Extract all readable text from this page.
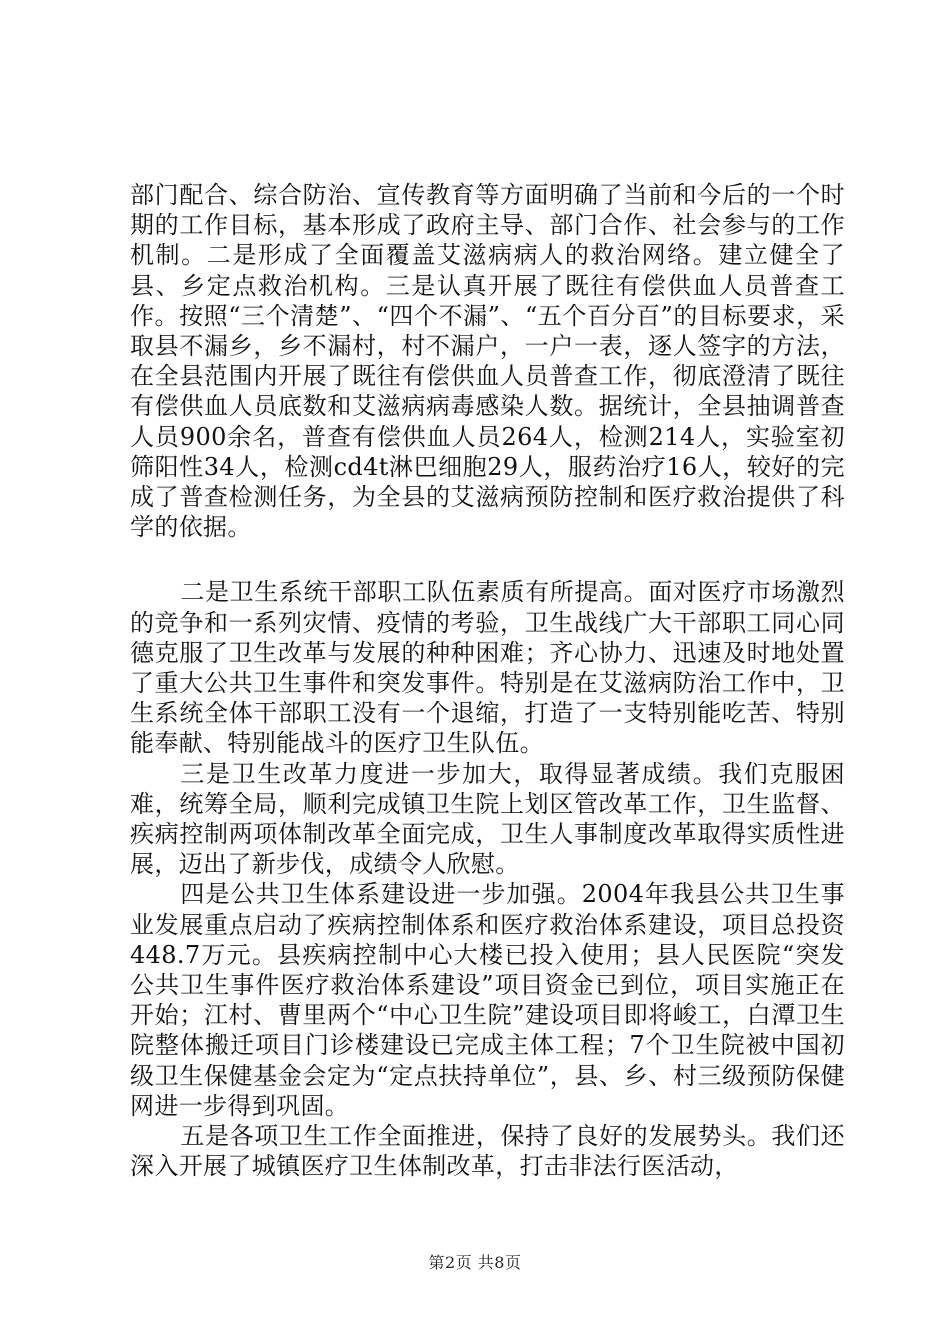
部门配合、综合防治、宣传教育等方面明确了当前和今后的一个时期的工作目标，基本形成了政府主导、部门合作、社会参与的工作机制。二是形成了全面覆盖艾滋病病人的救治网络。建立健全了县、乡定点救治机构。三是认真开展了既往有偿供血人员普查工作。按照“三个清楚”、“四个不漏”、“五个百分百”的目标要求，采取县不漏乡，乡不漏村，村不漏户，一户一表，逐人签字的方法，在全县范围内开展了既往有偿供血人员普查工作，彻底澄清了既往有偿供血人员底数和艾滋病病毒感染人数。据统计，全县抽调普查人员900余名，普查有偿供血人员264人，检测214人，实验室初筛阳性34人，检测cd4t淋巴细胞29人，服药治疗16人，较好的完成了普查检测任务，为全县的艾滋病预防控制和医疗救治提供了科学的依据。

二是卫生系统干部职工队伍素质有所提高。面对医疗市场激烈的竞争和一系列灾情、疫情的考验，卫生战线广大干部职工同心同德克服了卫生改革与发展的种种困难；齐心协力、迅速及时地处置了重大公共卫生事件和突发事件。特别是在艾滋病防治工作中，卫生系统全体干部职工没有一个退缩，打造了一支特别能吃苦、特别能奉献、特别能战斗的医疗卫生队伍。

三是卫生改革力度进一步加大，取得显著成绩。我们克服困难，统筹全局，顺利完成镇卫生院上划区管改革工作，卫生监督、疾病控制两项体制改革全面完成，卫生人事制度改革取得实质性进展，迈出了新步伐，成绩令人欣慰。

四是公共卫生体系建设进一步加强。2004年我县公共卫生事业发展重点启动了疾病控制体系和医疗救治体系建设，项目总投资448.7万元。县疾病控制中心大楼已投入使用；县人民医院“突发公共卫生事件医疗救治体系建设”项目资金已到位，项目实施正在开始；江村、曹里两个“中心卫生院”建设项目即将峻工，白潭卫生院整体搬迁项目门诊楼建设已完成主体工程；7个卫生院被中国初级卫生保健基金会定为“定点扶持单位”，县、乡、村三级预防保健网进一步得到巩固。

五是各项卫生工作全面推进，保持了良好的发展势头。我们还深入开展了城镇医疗卫生体制改革，打击非法行医活动，

第2页 共8页
